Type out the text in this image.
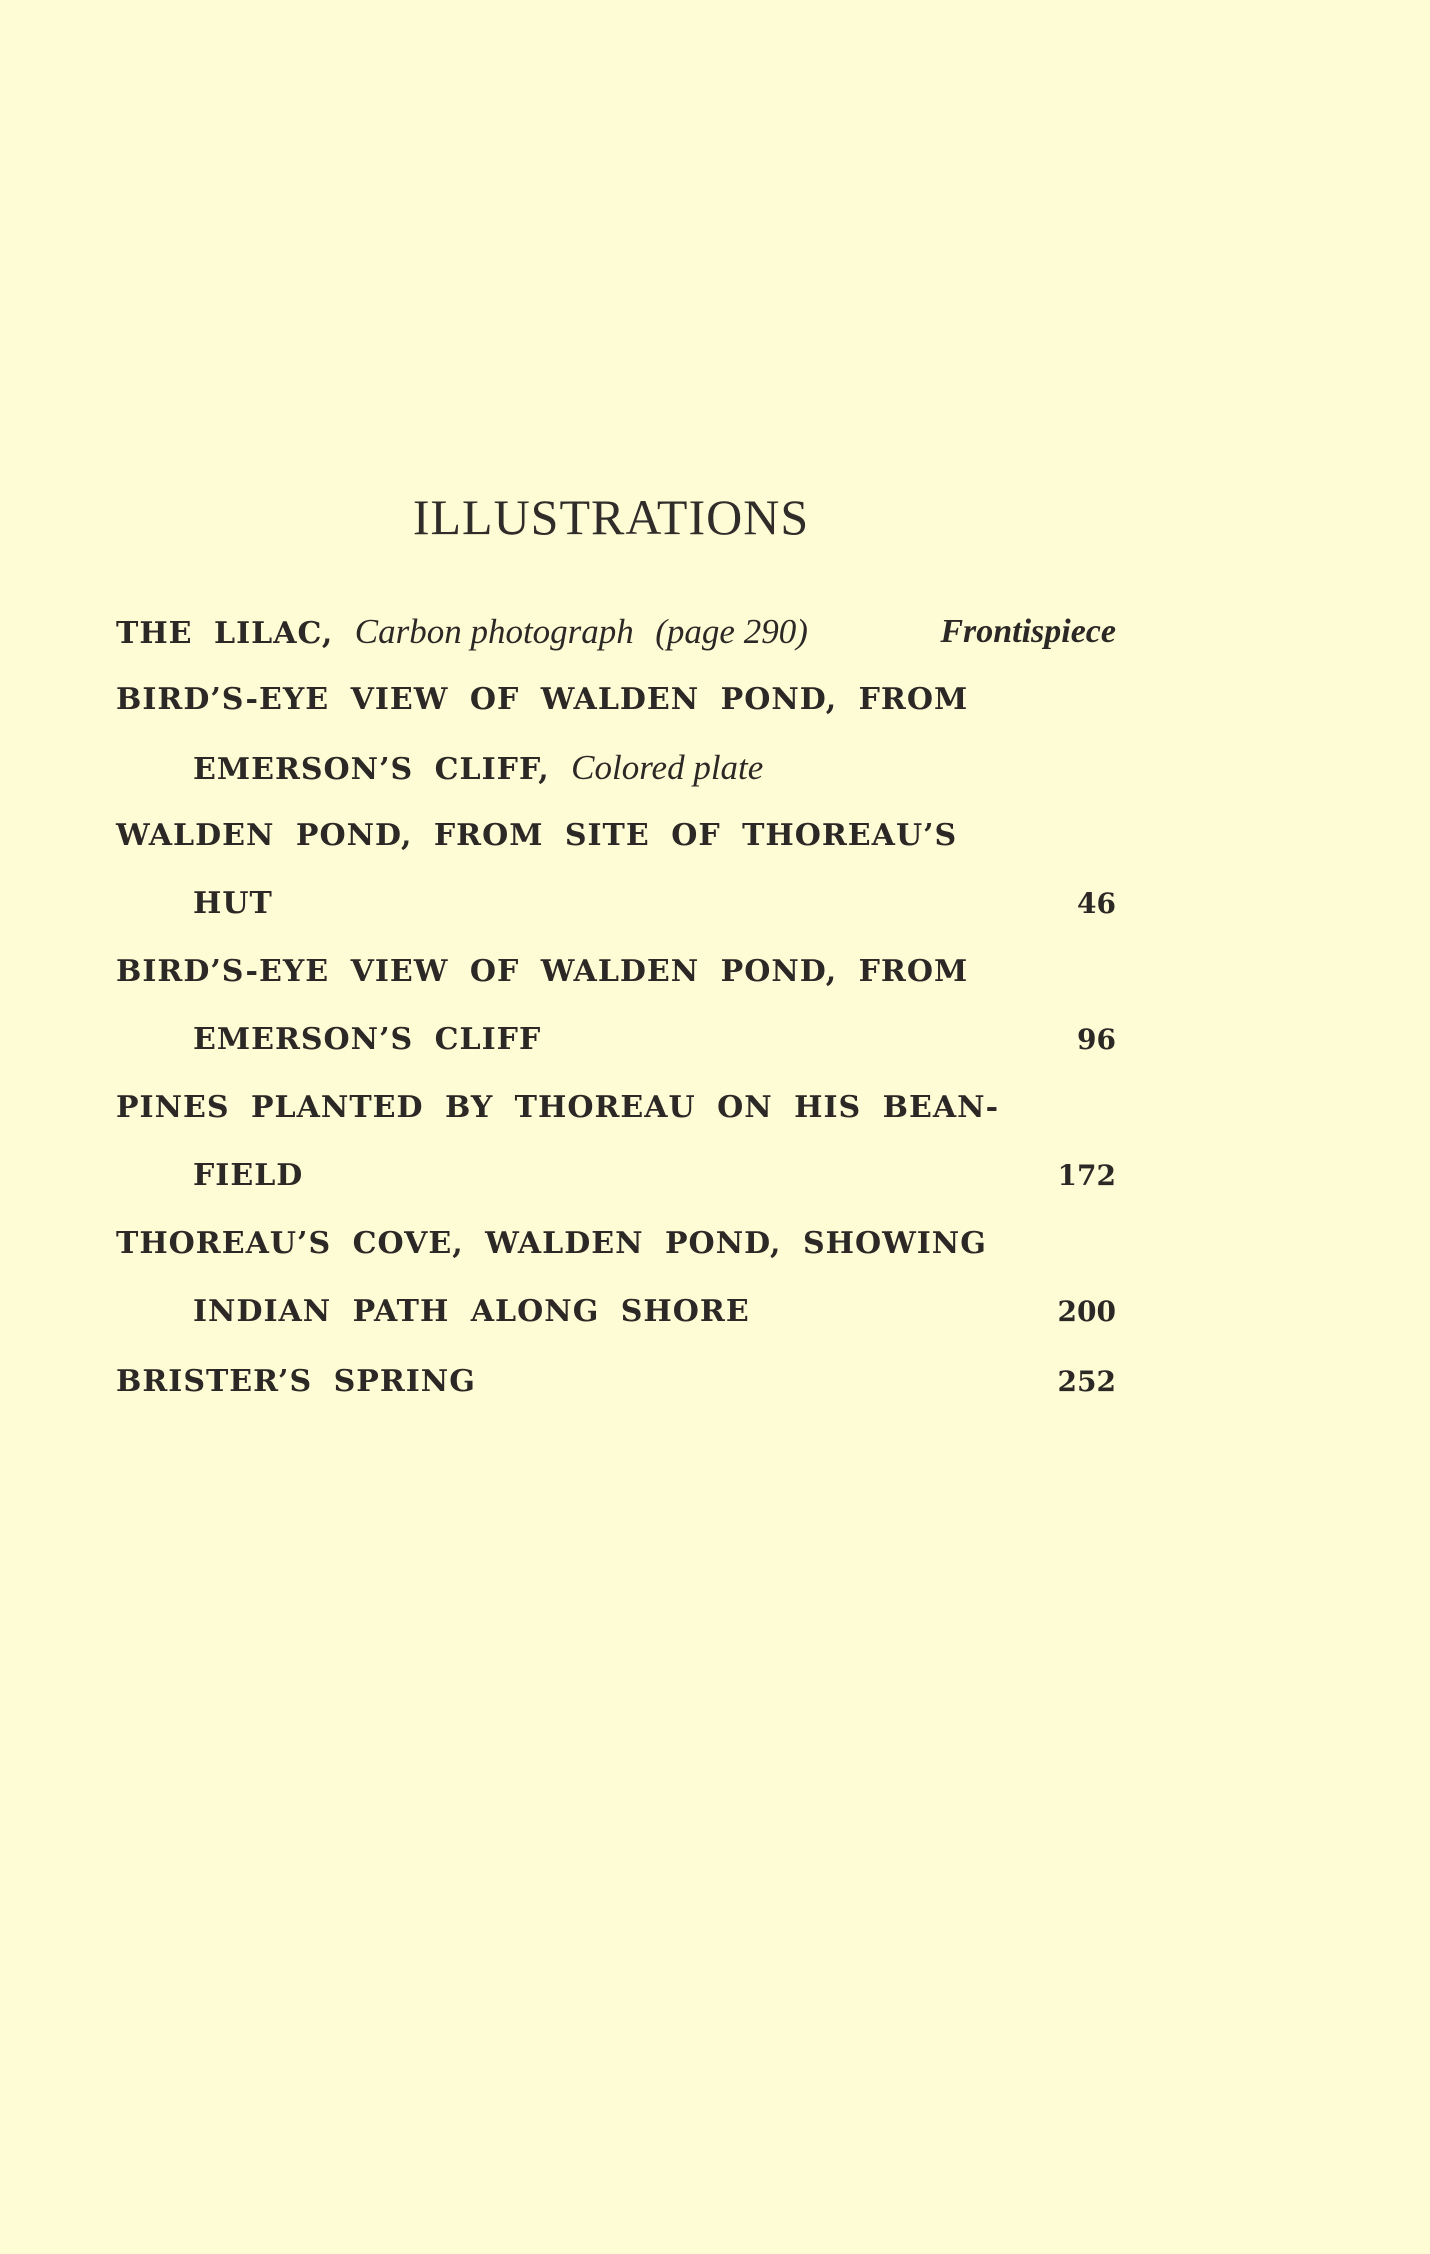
ILLUSTRATIONS
THE LILAC, Carbon photograph (page 290)	Frontispiece
BIRD’S-EYE VIEW OF WALDEN POND, FROM
EMERSON’S CLIFF, Colored plate
WALDEN POND, FROM SITE OF THOREAU’S
HUT	46
BIRD’S-EYE VIEW OF WALDEN POND, FROM
EMERSON’S CLIFF	96
PINES PLANTED BY THOREAU ON HIS BEAN-
FIELD	172
THOREAU’S COVE, WALDEN POND, SHOWING
INDIAN PATH ALONG SHORE	200
BRISTER’S SPRING	252
